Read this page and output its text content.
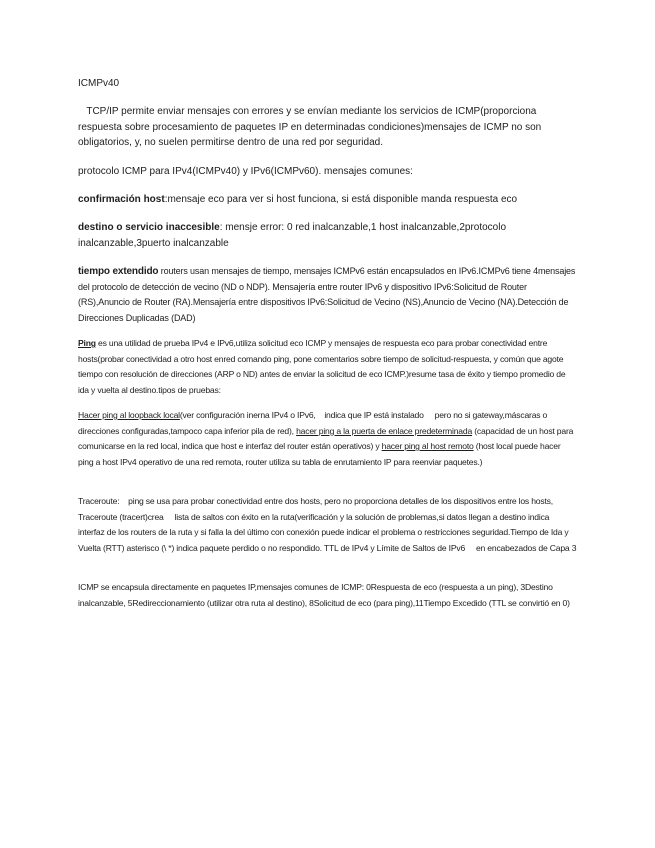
ICMPv40

TCP/IP permite enviar mensajes con errores y se envían mediante los servicios de ICMP(proporciona respuesta sobre procesamiento de paquetes IP en determinadas condiciones)mensajes de ICMP no son obligatorios, y, no suelen permitirse dentro de una red por seguridad.

protocolo ICMP para IPv4(ICMPv40) y IPv6(ICMPv60). mensajes comunes:

confirmación host:mensaje eco para ver si host funciona, si está disponible manda respuesta eco

destino o servicio inaccesible: mensje error: 0 red inalcanzable,1 host inalcanzable,2protocolo inalcanzable,3puerto inalcanzable

tiempo extendido routers usan mensajes de tiempo, mensajes ICMPv6 están encapsulados en IPv6.ICMPv6 tiene 4mensajes del protocolo de detección de vecino (ND o NDP). Mensajería entre router IPv6 y dispositivo IPv6:Solicitud de Router (RS),Anuncio de Router (RA).Mensajería entre dispositivos IPv6:Solicitud de Vecino (NS),Anuncio de Vecino (NA).Detección de Direcciones Duplicadas (DAD)

Ping es una utilidad de prueba IPv4 e IPv6,utiliza solicitud eco ICMP y mensajes de respuesta eco para probar conectividad entre hosts(probar conectividad a otro host enred comando ping, pone comentarios sobre tiempo de solicitud-respuesta, y común que agote tiempo con resolución de direcciones (ARP o ND) antes de enviar la solicitud de eco ICMP.)resume tasa de éxito y tiempo promedio de ida y vuelta al destino.tipos de pruebas:

Hacer ping al loopback local(ver configuración inerna IPv4 o IPv6,    indica que IP está instalado     pero no si gateway,máscaras o direcciones configuradas,tampoco capa inferior pila de red), hacer ping a la puerta de enlace predeterminada (capacidad de un host para comunicarse en la red local, indica que host e interfaz del router están operativos) y hacer ping al host remoto (host local puede hacer ping a host IPv4 operativo de una red remota, router utiliza su tabla de enrutamiento IP para reenviar paquetes.)

Traceroute:    ping se usa para probar conectividad entre dos hosts, pero no proporciona detalles de los dispositivos entre los hosts, Traceroute (tracert)crea     lista de saltos con éxito en la ruta(verificación y la solución de problemas,si datos llegan a destino indica interfaz de los routers de la ruta y si falla la del último con conexión puede indicar el problema o restricciones seguridad.Tiempo de Ida y Vuelta (RTT) asterisco (\ *) indica paquete perdido o no respondido. TTL de IPv4 y Límite de Saltos de IPv6     en encabezados de Capa 3

ICMP se encapsula directamente en paquetes IP,mensajes comunes de ICMP: 0Respuesta de eco (respuesta a un ping), 3Destino inalcanzable, 5Redireccionamiento (utilizar otra ruta al destino), 8Solicitud de eco (para ping),11Tiempo Excedido (TTL se convirtió en 0)
